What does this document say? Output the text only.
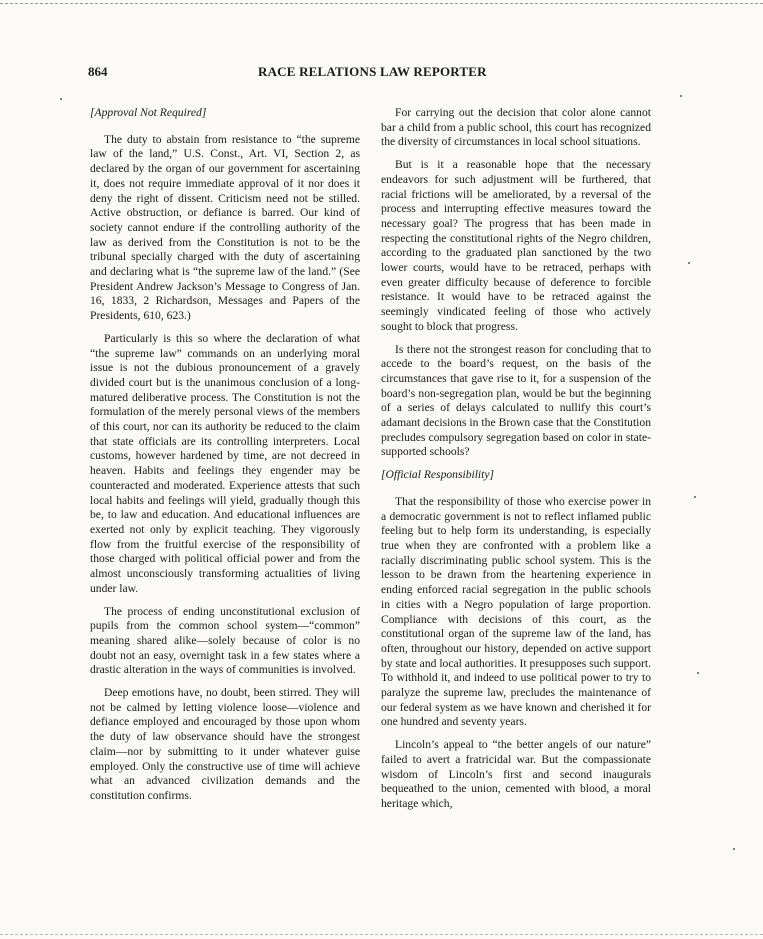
864	RACE RELATIONS LAW REPORTER
[Approval Not Required]

The duty to abstain from resistance to “the supreme law of the land,” U.S. Const., Art. VI, Section 2, as declared by the organ of our government for ascertaining it, does not require immediate approval of it nor does it deny the right of dissent. Criticism need not be stilled. Active obstruction, or defiance is barred. Our kind of society cannot endure if the controlling authority of the law as derived from the Constitution is not to be the tribunal specially charged with the duty of ascertaining and declaring what is “the supreme law of the land.” (See President Andrew Jackson’s Message to Congress of Jan. 16, 1833, 2 Richardson, Messages and Papers of the Presidents, 610, 623.)

Particularly is this so where the declaration of what “the supreme law” commands on an underlying moral issue is not the dubious pronouncement of a gravely divided court but is the unanimous conclusion of a long-matured deliberative process. The Constitution is not the formulation of the merely personal views of the members of this court, nor can its authority be reduced to the claim that state officials are its controlling interpreters. Local customs, however hardened by time, are not decreed in heaven. Habits and feelings they engender may be counteracted and moderated. Experience attests that such local habits and feelings will yield, gradually though this be, to law and education. And educational influences are exerted not only by explicit teaching. They vigorously flow from the fruitful exercise of the responsibility of those charged with political official power and from the almost unconsciously transforming actualities of living under law.

The process of ending unconstitutional exclusion of pupils from the common school system—“common” meaning shared alike—solely because of color is no doubt not an easy, overnight task in a few states where a drastic alteration in the ways of communities is involved.

Deep emotions have, no doubt, been stirred. They will not be calmed by letting violence loose—violence and defiance employed and encouraged by those upon whom the duty of law observance should have the strongest claim—nor by submitting to it under whatever guise employed. Only the constructive use of time will achieve what an advanced civilization demands and the constitution confirms.

For carrying out the decision that color alone cannot bar a child from a public school, this court has recognized the diversity of circumstances in local school situations.

But is it a reasonable hope that the necessary endeavors for such adjustment will be furthered, that racial frictions will be ameliorated, by a reversal of the process and interrupting effective measures toward the necessary goal? The progress that has been made in respecting the constitutional rights of the Negro children, according to the graduated plan sanctioned by the two lower courts, would have to be retraced, perhaps with even greater difficulty because of deference to forcible resistance. It would have to be retraced against the seemingly vindicated feeling of those who actively sought to block that progress.

Is there not the strongest reason for concluding that to accede to the board’s request, on the basis of the circumstances that gave rise to it, for a suspension of the board’s non-segregation plan, would be but the beginning of a series of delays calculated to nullify this court’s adamant decisions in the Brown case that the Constitution precludes compulsory segregation based on color in state-supported schools?

[Official Responsibility]

That the responsibility of those who exercise power in a democratic government is not to reflect inflamed public feeling but to help form its understanding, is especially true when they are confronted with a problem like a racially discriminating public school system. This is the lesson to be drawn from the heartening experience in ending enforced racial segregation in the public schools in cities with a Negro population of large proportion. Compliance with decisions of this court, as the constitutional organ of the supreme law of the land, has often, throughout our history, depended on active support by state and local authorities. It presupposes such support. To withhold it, and indeed to use political power to try to paralyze the supreme law, precludes the maintenance of our federal system as we have known and cherished it for one hundred and seventy years.

Lincoln’s appeal to “the better angels of our nature” failed to avert a fratricidal war. But the compassionate wisdom of Lincoln’s first and second inaugurals bequeathed to the union, cemented with blood, a moral heritage which,
